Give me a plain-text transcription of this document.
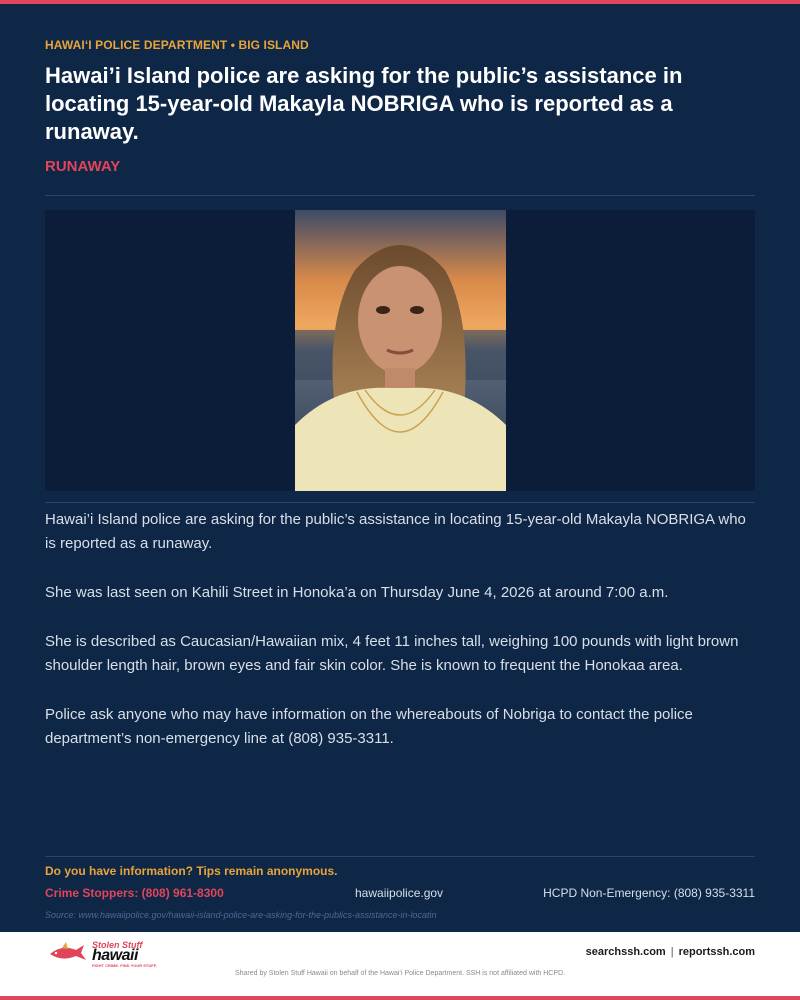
HAWAI‘I POLICE DEPARTMENT • BIG ISLAND
Hawai’i Island police are asking for the public’s assistance in locating 15-year-old Makayla NOBRIGA who is reported as a runaway.
RUNAWAY

Hawai’i Island police are asking for the public’s assistance in locating 15-year-old Makayla NOBRIGA who is reported as a runaway.

She was last seen on Kahili Street in Honoka’a on Thursday June 4, 2026 at around 7:00 a.m.

She is described as Caucasian/Hawaiian mix, 4 feet 11 inches tall, weighing 100 pounds with light brown shoulder length hair, brown eyes and fair skin color. She is known to frequent the Honokaa area.

Police ask anyone who may have information on the whereabouts of Nobriga to contact the police department’s non-emergency line at (808) 935-3311.

Do you have information? Tips remain anonymous.
Crime Stoppers: (808) 961-8300	hawaiipolice.gov	HCPD Non-Emergency: (808) 935-3311
Source: www.hawaiipolice.gov/hawaii-island-police-are-asking-for-the-publics-assistance-in-locatin
Stolen Stuff
hawaii
FIGHT CRIME. FIND YOUR STUFF.
searchssh.com | reportssh.com
Shared by Stolen Stuff Hawaii on behalf of the Hawai‘i Police Department. SSH is not affiliated with HCPD.
